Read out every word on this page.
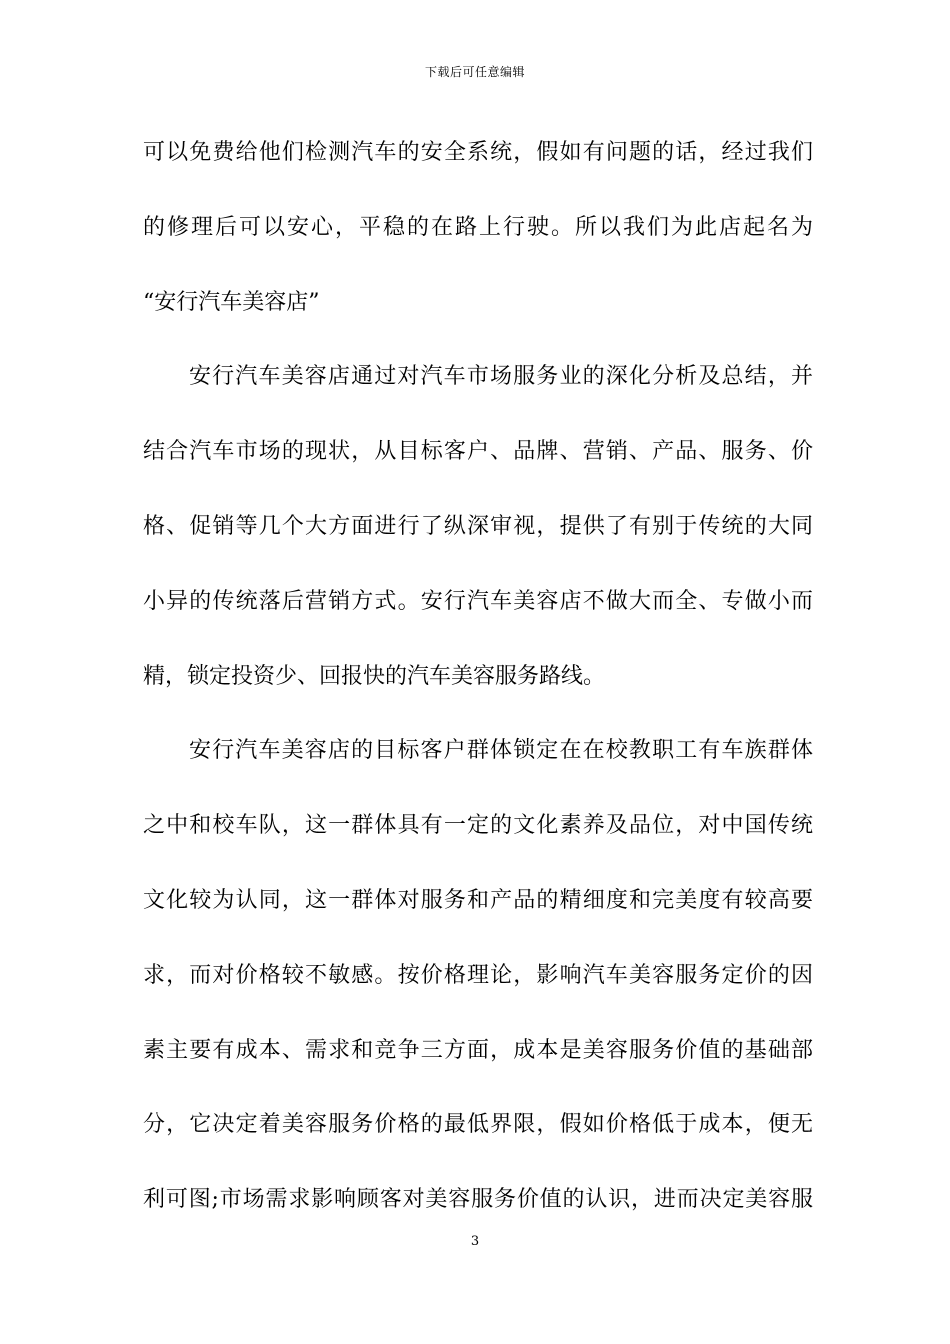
下载后可任意编辑
可以免费给他们检测汽车的安全系统，假如有问题的话，经过我们
的修理后可以安心，平稳的在路上行驶。所以我们为此店起名为
“安行汽车美容店”
安行汽车美容店通过对汽车市场服务业的深化分析及总结，并
结合汽车市场的现状，从目标客户、品牌、营销、产品、服务、价
格、促销等几个大方面进行了纵深审视，提供了有别于传统的大同
小异的传统落后营销方式。安行汽车美容店不做大而全、专做小而
精，锁定投资少、回报快的汽车美容服务路线。
安行汽车美容店的目标客户群体锁定在在校教职工有车族群体
之中和校车队，这一群体具有一定的文化素养及品位，对中国传统
文化较为认同，这一群体对服务和产品的精细度和完美度有较高要
求，而对价格较不敏感。按价格理论，影响汽车美容服务定价的因
素主要有成本、需求和竞争三方面，成本是美容服务价值的基础部
分，它决定着美容服务价格的最低界限，假如价格低于成本，便无
利可图;市场需求影响顾客对美容服务价值的认识，进而决定美容服
3
